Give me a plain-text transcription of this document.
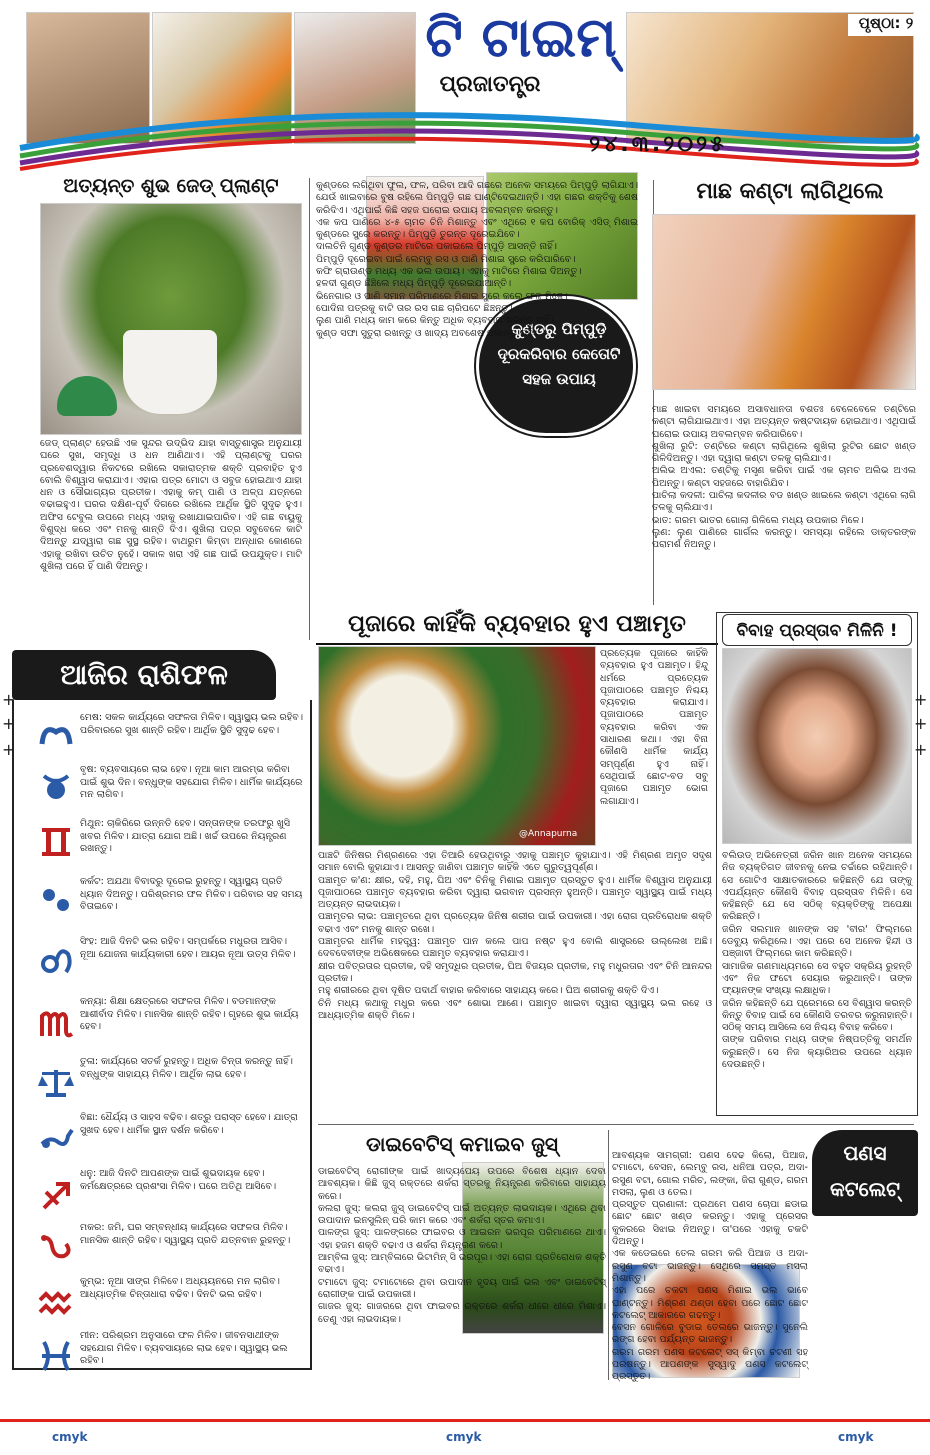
ଟି ଟାଇମ୍
ପ୍ରଜାତନ୍ତ୍ର
ପୃଷ୍ଠା: ୨
୨୪.୩.୨୦୨୫
ଅତ୍ୟନ୍ତ ଶୁଭ ଜେଡ୍ ପ୍ଲାଣ୍ଟ
ଜେଡ୍ ପ୍ଲାଣ୍ଟ ହେଉଛି ଏକ ସୁନ୍ଦର ଉଦ୍ଭିଦ ଯାହା ବାସ୍ତୁଶାସ୍ତ୍ର ଅନୁଯାୟୀ ଘରେ ସୁଖ, ସମୃଦ୍ଧି ଓ ଧନ ଆଣିଥାଏ। ଏହି ପ୍ଲାଣ୍ଟକୁ ଘରର ପ୍ରବେଶଦ୍ୱାର ନିକଟରେ ରଖିଲେ ସକାରାତ୍ମକ ଶକ୍ତି ପ୍ରବାହିତ ହୁଏ ବୋଲି ବିଶ୍ୱାସ କରାଯାଏ। ଏହାର ପତ୍ର ମୋଟା ଓ ସବୁଜ ହୋଇଥାଏ ଯାହା ଧନ ଓ ସୌଭାଗ୍ୟର ପ୍ରତୀକ। ଏହାକୁ କମ୍ ପାଣି ଓ ଅଳ୍ପ ଯତ୍ନରେ ବଢାଇହୁଏ। ଘରର ଦକ୍ଷିଣ-ପୂର୍ବ ଦିଗରେ ରଖିଲେ ଆର୍ଥିକ ସ୍ଥିତି ସୁଦୃଢ ହୁଏ। ଅଫିସ ଟେବୁଲ ଉପରେ ମଧ୍ୟ ଏହାକୁ ରଖାଯାଇପାରିବ। ଏହି ଗଛ ବାୟୁକୁ ବିଶୁଦ୍ଧ କରେ ଏବଂ ମନକୁ ଶାନ୍ତି ଦିଏ। ଶୁଖିଲା ପତ୍ର ସବୁବେଳେ କାଟି ଦିଅନ୍ତୁ ଯଦ୍ୱାରା ଗଛ ସୁସ୍ଥ ରହିବ। ବାଥରୁମ କିମ୍ବା ଅନ୍ଧାର କୋଣରେ ଏହାକୁ ରଖିବା ଉଚିତ ନୁହେଁ। ସକାଳ ଖରା ଏହି ଗଛ ପାଇଁ ଉପଯୁକ୍ତ। ମାଟି ଶୁଖିଲା ପରେ ହିଁ ପାଣି ଦିଅନ୍ତୁ।
କୁଣ୍ଡରୁ ପିମ୍ପୁଡ଼ି ଦୂରକରିବାର କେତୋଟି ସହଜ ଉପାୟ
କୁଣ୍ଡରେ ଲଗିଥିବା ଫୁଲ, ଫଳ, ପରିବା ଆଦି ଗଛରେ ଅନେକ ସମୟରେ ପିମ୍ପୁଡ଼ି ଲାଗିଯାଏ। ଯେଉଁ ଖାଇବାରେ ବୁଷ ରହିଲେ ପିମ୍ପୁଡ଼ି ଗଛ ଘାଣ୍ଟିଦେଇଥାନ୍ତି। ଏହା ଗଛର ଶକ୍ତିକୁ ଶେଷ କରିଦିଏ। ଏଥିପାଇଁ କିଛି ସହଜ ଘରୋଇ ଉପାୟ ଅବଲମ୍ବନ କରନ୍ତୁ।
ଏକ କପ ପାଣିରେ ୪-୫ ଚାମଚ ଚିନି ମିଶାନ୍ତୁ ଏବଂ ଏଥିରେ ୧ କପ ବୋରିକ୍ ଏସିଡ୍ ମିଶାଇ କୁଣ୍ଡରେ ସ୍ପ୍ରେ କରନ୍ତୁ। ପିମ୍ପୁଡ଼ି ତୁରନ୍ତ ଦୂରେଇଯିବେ।
ଦାଲଚିନି ଗୁଣ୍ଡ କୁଣ୍ଡର ମାଟିରେ ପକାଇଲେ ପିମ୍ପୁଡ଼ି ଆସନ୍ତି ନାହିଁ।
ପିମ୍ପୁଡ଼ି ଦୂରେଇବା ପାଇଁ ଲେମ୍ବୁ ରସ ଓ ପାଣି ମିଶାଇ ସ୍ପ୍ରେ କରିପାରିବେ।
କଫି ଗ୍ରାଉଣ୍ଡ ମଧ୍ୟ ଏକ ଭଲ ଉପାୟ। ଏହାକୁ ମାଟିରେ ମିଶାଇ ଦିଅନ୍ତୁ।
ହଳଦୀ ଗୁଣ୍ଡ ଛିଞ୍ଚିଲେ ମଧ୍ୟ ପିମ୍ପୁଡ଼ି ଦୂରେଇଯାଆନ୍ତି।
ଭିନେଗାର ଓ ପାଣି ସମାନ ପରିମାଣରେ ମିଶାଇ ସ୍ପ୍ରେ କଲେ ଫଳ ମିଳେ।
ପୋଦିନା ପତ୍ରକୁ ବାଟି ତାର ରସ ଗଛ ଚାରିପଟେ ଛିଞ୍ଚନ୍ତୁ।
ଲୁଣ ପାଣି ମଧ୍ୟ କାମ କରେ କିନ୍ତୁ ଅଧିକ ବ୍ୟବହାର କରନ୍ତୁ ନାହିଁ।
କୁଣ୍ଡ ସଫା ସୁତୁରା ରଖନ୍ତୁ ଓ ଖାଦ୍ୟ ଅବଶେଷ ପକାନ୍ତୁ ନାହିଁ।
ମାଛ କଣ୍ଟା ଲାଗିଥିଲେ
ମାଛ ଖାଇବା ସମୟରେ ଅସାବଧାନତା ବଶତଃ ବେଳେବେଳେ ତଣ୍ଟିରେ କଣ୍ଟା ଲାଗିଯାଇଥାଏ। ଏହା ଅତ୍ୟନ୍ତ କଷ୍ଟଦାୟକ ହୋଇଥାଏ। ଏଥିପାଇଁ ଘରୋଇ ଉପାୟ ଅବଲମ୍ବନ କରିପାରିବେ।
ଶୁଖିଲା ରୁଟି: ତଣ୍ଟିରେ କଣ୍ଟା ଲାଗିଥିଲେ ଶୁଖିଲା ରୁଟିର ଛୋଟ ଖଣ୍ଡ ଗିଳିଦିଅନ୍ତୁ। ଏହା ଦ୍ୱାରା କଣ୍ଟା ତଳକୁ ଚାଲିଯାଏ।
ଅଲିଭ ଅଏଲ: ତଣ୍ଟିକୁ ମସୃଣ କରିବା ପାଇଁ ଏକ ଚାମଚ ଅଲିଭ ଅଏଲ ପିଅନ୍ତୁ। କଣ୍ଟା ସହଜରେ ବାହାରିଯିବ।
ପାଚିଲା କଦଳୀ: ପାଚିଲା କଦଳୀର ବଡ ଖଣ୍ଡ ଖାଇଲେ କଣ୍ଟା ଏଥିରେ ଲାଗି ତଳକୁ ଚାଲିଯାଏ।
ଭାତ: ଗରମ ଭାତର ଗୋଲା ଗିଳିଲେ ମଧ୍ୟ ଉପକାର ମିଳେ।
ଲୁଣ: ଲୁଣ ପାଣିରେ ଗାର୍ଗଲ କରନ୍ତୁ। ସମସ୍ୟା ରହିଲେ ଡାକ୍ତରଙ୍କ ପରାମର୍ଶ ନିଅନ୍ତୁ।
ପୂଜାରେ କାହିଁକି ବ୍ୟବହାର ହୁଏ ପଞ୍ଚାମୃତ
@Annapurna
ପ୍ରତ୍ୟେକ ପୂଜାରେ କାହିଁକି ବ୍ୟବହାର ହୁଏ ପଞ୍ଚାମୃତ। ହିନ୍ଦୁ ଧର୍ମରେ ପ୍ରତ୍ୟେକ ପୂଜାପାଠରେ ପଞ୍ଚାମୃତ ନିଶ୍ଚୟ ବ୍ୟବହାର କରାଯାଏ। ପୂଜାପାଠରେ ପଞ୍ଚାମୃତ ବ୍ୟବହାର କରିବା ଏକ ସାଧାରଣ କଥା। ଏହା ବିନା କୌଣସି ଧାର୍ମିକ କାର୍ଯ୍ୟ ସମ୍ପୂର୍ଣ୍ଣ ହୁଏ ନାହିଁ। ସେଥିପାଇଁ ଛୋଟ-ବଡ ସବୁ ପୂଜାରେ ପଞ୍ଚାମୃତ ଭୋଗ ଲଗାଯାଏ।
ପାଞ୍ଚଟି ଜିନିଷର ମିଶ୍ରଣରେ ଏହା ତିଆରି ହେଉଥିବାରୁ ଏହାକୁ ପଞ୍ଚାମୃତ କୁହାଯାଏ। ଏହି ମିଶ୍ରଣ ଅମୃତ ସଦୃଶ ସମାନ ବୋଲି କୁହାଯାଏ। ଆସନ୍ତୁ ଜାଣିବା ପଞ୍ଚାମୃତ କାହିଁକି ଏତେ ଗୁରୁତ୍ୱପୂର୍ଣ୍ଣ।
ପଞ୍ଚାମୃତ କ'ଣ: କ୍ଷୀର, ଦହି, ମହୁ, ଘିଅ ଏବଂ ଚିନିକୁ ମିଶାଇ ପଞ୍ଚାମୃତ ପ୍ରସ୍ତୁତ ହୁଏ। ଧାର୍ମିକ ବିଶ୍ୱାସ ଅନୁଯାୟୀ ପୂଜାପାଠରେ ପଞ୍ଚାମୃତ ବ୍ୟବହାର କରିବା ଦ୍ୱାରା ଭଗବାନ ପ୍ରସନ୍ନ ହୁଅନ୍ତି। ପଞ୍ଚାମୃତ ସ୍ୱାସ୍ଥ୍ୟ ପାଇଁ ମଧ୍ୟ ଅତ୍ୟନ୍ତ ଲାଭଦାୟକ।
ପଞ୍ଚାମୃତର ଲାଭ: ପଞ୍ଚାମୃତରେ ଥିବା ପ୍ରତ୍ୟେକ ଜିନିଷ ଶରୀର ପାଇଁ ଉପକାରୀ। ଏହା ରୋଗ ପ୍ରତିରୋଧକ ଶକ୍ତି ବଢାଏ ଏବଂ ମନକୁ ଶାନ୍ତ ରଖେ।
ପଞ୍ଚାମୃତର ଧାର୍ମିକ ମହତ୍ତ୍ୱ: ପଞ୍ଚାମୃତ ପାନ କଲେ ପାପ ନଷ୍ଟ ହୁଏ ବୋଲି ଶାସ୍ତ୍ରରେ ଉଲ୍ଲେଖ ଅଛି। ଦେବଦେବୀଙ୍କ ଅଭିଷେକରେ ପଞ୍ଚାମୃତ ବ୍ୟବହାର କରାଯାଏ।
କ୍ଷୀର ପବିତ୍ରତାର ପ୍ରତୀକ, ଦହି ସମୃଦ୍ଧିର ପ୍ରତୀକ, ଘିଅ ବିଜୟର ପ୍ରତୀକ, ମହୁ ମଧୁରତାର ଏବଂ ଚିନି ଆନନ୍ଦର ପ୍ରତୀକ।
ମହୁ ଶରୀରରେ ଥିବା ଦୂଷିତ ପଦାର୍ଥ ବାହାର କରିବାରେ ସାହାଯ୍ୟ କରେ। ଘିଅ ଶରୀରକୁ ଶକ୍ତି ଦିଏ।
ଚିନି ମଧ୍ୟ କଥାକୁ ମଧୁର କରେ ଏବଂ ଶୋଭା ଆଣେ। ପଞ୍ଚାମୃତ ଖାଇବା ଦ୍ୱାରା ସ୍ୱାସ୍ଥ୍ୟ ଭଲ ରହେ ଓ ଆଧ୍ୟାତ୍ମିକ ଶକ୍ତି ମିଳେ।
ବିବାହ ପ୍ରସ୍ତାବ ମିଳିନି !
ବଲିଉଡ୍ ଅଭିନେତ୍ରୀ ଜରିନ ଖାନ ଅନେକ ସମୟରେ ନିଜ ବ୍ୟକ୍ତିଗତ ଜୀବନକୁ ନେଇ ଚର୍ଚ୍ଚାରେ ରହିଥାନ୍ତି। ସେ ଗୋଟିଏ ସାକ୍ଷାତକାରରେ କହିଛନ୍ତି ଯେ ତାଙ୍କୁ ଏପର୍ଯ୍ୟନ୍ତ କୌଣସି ବିବାହ ପ୍ରସ୍ତାବ ମିଳିନି। ସେ କହିଛନ୍ତି ଯେ ସେ ସଠିକ୍ ବ୍ୟକ୍ତିଙ୍କୁ ଅପେକ୍ଷା କରିଛନ୍ତି।
ଜରିନ ସଲମାନ ଖାନଙ୍କ ସହ 'ବୀର' ଫିଲ୍ମରେ ଡେବ୍ୟୁ କରିଥିଲେ। ଏହା ପରେ ସେ ଅନେକ ହିନ୍ଦୀ ଓ ପଞ୍ଜାବୀ ଫିଲ୍ମରେ କାମ କରିଛନ୍ତି।
ସାମାଜିକ ଗଣମାଧ୍ୟମରେ ସେ ବହୁତ ସକ୍ରିୟ ରୁହନ୍ତି ଏବଂ ନିଜ ଫଟୋ ସେୟାର କରୁଥାନ୍ତି। ତାଙ୍କ ଫ୍ୟାନଙ୍କ ସଂଖ୍ୟା ଲକ୍ଷାଧିକ।
ଜରିନ କହିଛନ୍ତି ଯେ ପ୍ରେମରେ ସେ ବିଶ୍ୱାସ କରନ୍ତି କିନ୍ତୁ ବିବାହ ପାଇଁ ସେ କୌଣସି ତରବର କରୁନାହାନ୍ତି। ସଠିକ୍ ସମୟ ଆସିଲେ ସେ ନିଶ୍ଚୟ ବିବାହ କରିବେ।
ତାଙ୍କ ପରିବାର ମଧ୍ୟ ତାଙ୍କ ନିଷ୍ପତ୍ତିକୁ ସମର୍ଥନ କରୁଛନ୍ତି। ସେ ନିଜ କ୍ୟାରିଅର ଉପରେ ଧ୍ୟାନ ଦେଉଛନ୍ତି।
ଆଜିର ରାଶିଫଳ
ମେଷ: ସକଳ କାର୍ଯ୍ୟରେ ସଫଳତା ମିଳିବ। ସ୍ୱାସ୍ଥ୍ୟ ଭଲ ରହିବ। ପରିବାରରେ ସୁଖ ଶାନ୍ତି ରହିବ। ଆର୍ଥିକ ସ୍ଥିତି ସୁଦୃଢ ହେବ।
ବୃଷ: ବ୍ୟବସାୟରେ ଲାଭ ହେବ। ନୂଆ କାମ ଆରମ୍ଭ କରିବା ପାଇଁ ଶୁଭ ଦିନ। ବନ୍ଧୁଙ୍କ ସହଯୋଗ ମିଳିବ। ଧାର୍ମିକ କାର୍ଯ୍ୟରେ ମନ ଲାଗିବ।
ମିଥୁନ: ଚାକିରିରେ ଉନ୍ନତି ହେବ। ସନ୍ତାନଙ୍କ ତରଫରୁ ଖୁସି ଖବର ମିଳିବ। ଯାତ୍ରା ଯୋଗ ଅଛି। ଖର୍ଚ୍ଚ ଉପରେ ନିୟନ୍ତ୍ରଣ ରଖନ୍ତୁ।
କର୍କଟ: ଅଯଥା ବିବାଦରୁ ଦୂରେଇ ରୁହନ୍ତୁ। ସ୍ୱାସ୍ଥ୍ୟ ପ୍ରତି ଧ୍ୟାନ ଦିଅନ୍ତୁ। ପରିଶ୍ରମର ଫଳ ମିଳିବ। ପରିବାର ସହ ସମୟ ବିତାଇବେ।
ସିଂହ: ଆଜି ଦିନଟି ଭଲ ରହିବ। ସମ୍ପର୍କରେ ମଧୁରତା ଆସିବ। ନୂଆ ଯୋଜନା କାର୍ଯ୍ୟକାରୀ ହେବ। ଆୟର ନୂଆ ଉତ୍ସ ମିଳିବ।
କନ୍ୟା: ଶିକ୍ଷା କ୍ଷେତ୍ରରେ ସଫଳତା ମିଳିବ। ବଡମାନଙ୍କ ଆଶୀର୍ବାଦ ମିଳିବ। ମାନସିକ ଶାନ୍ତି ରହିବ। ଗୃହରେ ଶୁଭ କାର୍ଯ୍ୟ ହେବ।
ତୁଳା: କାର୍ଯ୍ୟରେ ସତର୍କ ରୁହନ୍ତୁ। ଅଧିକ ଚିନ୍ତା କରନ୍ତୁ ନାହିଁ। ବନ୍ଧୁଙ୍କ ସାହାଯ୍ୟ ମିଳିବ। ଆର୍ଥିକ ଲାଭ ହେବ।
ବିଛା: ଧୈର୍ଯ୍ୟ ଓ ସାହସ ବଢିବ। ଶତ୍ରୁ ପରାସ୍ତ ହେବେ। ଯାତ୍ରା ସୁଖଦ ହେବ। ଧାର୍ମିକ ସ୍ଥାନ ଦର୍ଶନ କରିବେ।
ଧନୁ: ଆଜି ଦିନଟି ଆପଣଙ୍କ ପାଇଁ ଶୁଭଦାୟକ ହେବ। କର୍ମକ୍ଷେତ୍ରରେ ପ୍ରଶଂସା ମିଳିବ। ଘରେ ଅତିଥି ଆସିବେ।
ମକର: ଜମି, ଘର ସମ୍ବନ୍ଧୀୟ କାର୍ଯ୍ୟରେ ସଫଳତା ମିଳିବ। ମାନସିକ ଶାନ୍ତି ରହିବ। ସ୍ୱାସ୍ଥ୍ୟ ପ୍ରତି ଯତ୍ନବାନ ରୁହନ୍ତୁ।
କୁମ୍ଭ: ନୂଆ ସାଙ୍ଗ ମିଳିବେ। ଅଧ୍ୟୟନରେ ମନ ଲାଗିବ। ଆଧ୍ୟାତ୍ମିକ ଚିନ୍ତାଧାରା ବଢିବ। ଦିନଟି ଭଲ ରହିବ।
ମୀନ: ପରିଶ୍ରମ ଅନୁସାରେ ଫଳ ମିଳିବ। ଜୀବନସାଥୀଙ୍କ ସହଯୋଗ ମିଳିବ। ବ୍ୟବସାୟରେ ଲାଭ ହେବ। ସ୍ୱାସ୍ଥ୍ୟ ଭଲ ରହିବ।
ଡାଇବେଟିସ୍ କମାଇବ ଜୁସ୍
ଡାଇବେଟିସ୍ ରୋଗୀଙ୍କ ପାଇଁ ଖାଦ୍ୟପେୟ ଉପରେ ବିଶେଷ ଧ୍ୟାନ ଦେବା ଆବଶ୍ୟକ। କିଛି ଜୁସ୍ ରକ୍ତରେ ଶର୍କରା ସ୍ତରକୁ ନିୟନ୍ତ୍ରଣ କରିବାରେ ସାହାଯ୍ୟ କରେ।
କଲରା ଜୁସ୍: କଲରା ଜୁସ୍ ଡାଇବେଟିସ୍ ପାଇଁ ଅତ୍ୟନ୍ତ ଲାଭଦାୟକ। ଏଥିରେ ଥିବା ଉପାଦାନ ଇନସୁଲିନ୍ ପରି କାମ କରେ ଏବଂ ଶର୍କରା ସ୍ତର କମାଏ।
ପାଳଙ୍ଗ ଜୁସ୍: ପାଳଙ୍ଗରେ ଫାଇବର ଓ ଆଇରନ ଭରପୂର ପରିମାଣରେ ଥାଏ। ଏହା ହଜମ ଶକ୍ତି ବଢାଏ ଓ ଶର୍କରା ନିୟନ୍ତ୍ରଣ କରେ।
ଆମ୍ବିଳା ଜୁସ୍: ଆମ୍ବିଳାରେ ଭିଟାମିନ୍ ସି ଭରପୂର। ଏହା ରୋଗ ପ୍ରତିରୋଧକ ଶକ୍ତି ବଢାଏ।
ଟମାଟୋ ଜୁସ୍: ଟମାଟୋରେ ଥିବା ଉପାଦାନ ହୃଦୟ ପାଇଁ ଭଲ ଏବଂ ଡାଇବେଟିସ୍ ରୋଗୀଙ୍କ ପାଇଁ ଉପକାରୀ।
ଗାଜର ଜୁସ୍: ଗାଜରରେ ଥିବା ଫାଇବର ରକ୍ତରେ ଶର୍କରା ଧୀରେ ଧୀରେ ମିଶାଏ। ତେଣୁ ଏହା ଲାଭଦାୟକ।
ପଣସ
କଟଲେଟ୍
ଆବଶ୍ୟକ ସାମଗ୍ରୀ: ପଣସ ଦେଢ କିଲୋ, ପିଆଜ, ଟମାଟୋ, ବେସନ, ଲେମ୍ବୁ ରସ, ଧନିଆ ପତ୍ର, ଅଦା-ରସୁଣ ବଟା, ଗୋଲ ମରିଚ, ଲଙ୍କା, ଜିରା ଗୁଣ୍ଡ, ଗରମ ମସଲା, ଲୁଣ ଓ ତେଲ।
ପ୍ରସ୍ତୁତ ପ୍ରଣାଳୀ: ପ୍ରଥମେ ପଣସ ଚୋପା ଛଡାଇ ଛୋଟ ଛୋଟ ଖଣ୍ଡ କରନ୍ତୁ। ଏହାକୁ ପ୍ରେସର କୁକରରେ ସିଝାଇ ନିଅନ୍ତୁ। ତା'ପରେ ଏହାକୁ ଚକଟି ଦିଅନ୍ତୁ।
ଏକ କଡେଇରେ ତେଲ ଗରମ କରି ପିଆଜ ଓ ଅଦା-ରସୁଣ ବଟା ଭାଜନ୍ତୁ। ସେଥିରେ ସମସ୍ତ ମସଲା ମିଶାନ୍ତୁ।
ଏହା ପରେ ଚକଟା ପଣସ ମିଶାଇ ଭଲ ଭାବେ ଘାଣ୍ଟନ୍ତୁ। ମିଶ୍ରଣ ଥଣ୍ଡା ହେବା ପରେ ଛୋଟ ଛୋଟ କଟଲେଟ୍ ଆକାରରେ ଗଢନ୍ତୁ।
ବେସନ ଗୋଳିରେ ବୁଡାଇ ତେଲରେ ଭାଜନ୍ତୁ। ସୁନେଲି ରଙ୍ଗ ହେବା ପର୍ଯ୍ୟନ୍ତ ଭାଜନ୍ତୁ।
ଗରମ ଗରମ ପଣସ କଟଲେଟ୍ ସସ୍ କିମ୍ବା ଚଟଣୀ ସହ ପରଷନ୍ତୁ। ଆପଣଙ୍କ ସୁସ୍ୱାଦୁ ପଣସ କଟଲେଟ୍ ପ୍ରସ୍ତୁତ।
cmyk	cmyk	cmyk
+
+
+
+
+
+
